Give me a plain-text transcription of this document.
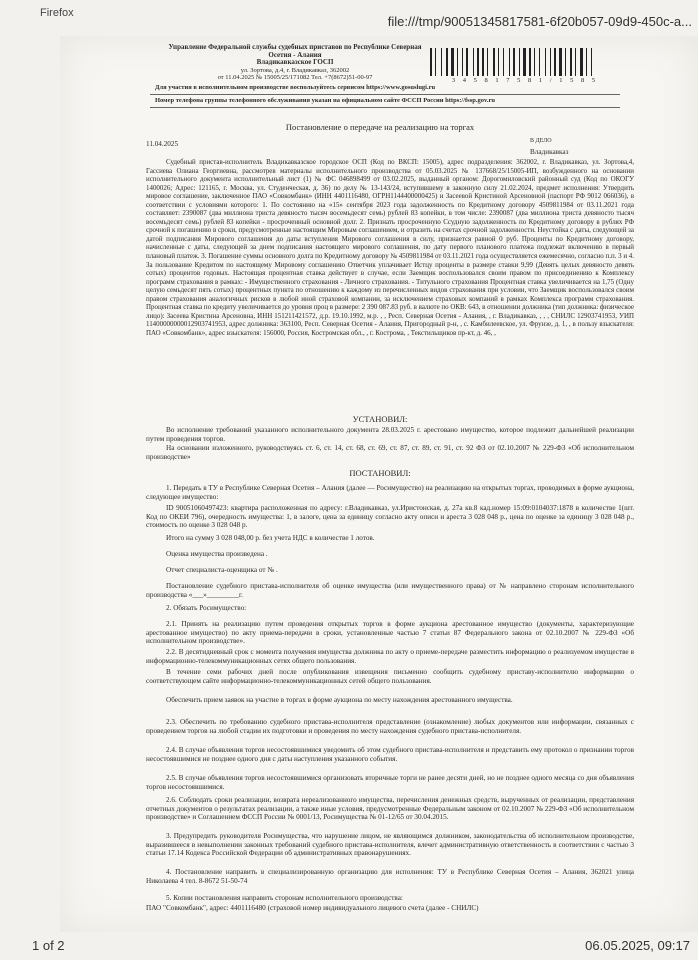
Firefox
file:///tmp/90051345817581-6f20b057-09d9-450c-a...
Управление Федеральной службы судебных приставов по Республике Северная
Осетия - Алания
Владикавказское ГОСП
ул. Зортова, д.4, г. Владикавказ, 362002
от 11.04.2025 № 15005/25/171082 Тел. +7(8672)51-00-97	3 4 5 8 1 7 5 8 1 / 1 5 8 5
Для участия в исполнительном производстве воспользуйтесь сервисом https://www.gosuslugi.ru
Номер телефона группы телефонного обслуживания указан на официальном сайте ФССП России https://fssp.gov.ru
В ДЕЛО
Постановление о передаче на реализацию на торгах
11.04.2025
Владикавказ
Судебный пристав-исполнитель Владикавказское городское ОСП (Код по ВКСП: 15005), адрес подразделения: 362002, г. Владикавказ, ул. Зортова,4, Гассиева Олиана Георгиевна, рассмотрев материалы исполнительного производства от 05.03.2025 № 137668/25/15005-ИП, возбужденного на основании исполнительного документа исполнительный лист (1) № ФС 046898499 от 03.02.2025, выданный органом: Дорогомиловский районный суд (Код по ОКОГУ 1400026; Адрес: 121165, г. Москва, ул. Студенческая, д. 36) по делу № 13-143/24, вступившему в законную силу 21.02.2024, предмет исполнения: Утвердить мировое соглашение, заключенное ПАО «Совкомбанк» (ИНН 4401116480, ОГРН1144400000425) и Засеевой Кристиной Арсеновной (паспорт РФ 9012 066036), в соответствии с условиями которого: 1. По состоянию на «15» сентября 2023 года задолженность по Кредитному договору 4509811984 от 03.11.2021 года составляет: 2390087 (два миллиона триста девяносто тысяч восемьдесят семь) рублей 83 копейки, в том числе: 2390087 (два миллиона триста девяносто тысяч восемьдесят семь) рублей 83 копейки - просроченный основной долг. 2. Признать просроченную Ссудную задолженность по Кредитному договору в рублях РФ срочной к погашению в сроки, предусмотренные настоящим Мировым соглашением, и отразить на счетах срочной задолженности. Неустойка с даты, следующей за датой подписания Мирового соглашения до даты вступления Мирового соглашения в силу, признается равной 0 руб. Проценты по Кредитному договору, начисленные с даты, следующей за днем подписания настоящего мирового соглашения, по дату первого планового платежа подлежат включению в первый плановый платеж. 3. Погашение суммы основного долга по Кредитному договору № 4509811984 от 03.11.2021 года осуществляется ежемесячно, согласно п.п. 3 и 4. За пользование Кредитом по настоящему Мировому соглашению Ответчик уплачивает Истцу проценты в размере ставки 9,99 (Девять целых девяносто девять сотых) процентов годовых. Настоящая процентная ставка действует в случае, если Заемщик воспользовался своим правом по присоединению к Комплексу программ страхования в рамках: - Имущественного страхования - Личного страхования. - Титульного страхования Процентная ставка увеличивается на 1,75 (Одну целую семьдесят пять сотых) процентных пункта по отношению к каждому из перечисленных видов страхования при условии, что Заемщик воспользовался своим правом страхования аналогичных рисков в любой иной страховой компании, за исключением страховых компаний в рамках Комплекса программ страхования. Процентная ставка по кредиту увеличивается до уровня проц в размере: 2 390 087.83 руб. в валюте по ОКВ: 643, в отношении должника (тип должника: физическое лицо): Засеева Кристина Арсеновна, ИНН 151211421572, д.р. 19.10.1992, м.р. , , Респ. Северная Осетия - Алания, , г. Владикавказ, , , , СНИЛС 12903741953, УИП 11400000000012903741953, адрес должника: 363100, Респ. Северная Осетия - Алания, Пригородный р-н, , с. Камбилеевское, ул. Фрунзе, д. 1, , в пользу взыскателя: ПАО «Совкомбанк», адрес взыскателя: 156000, Россия, Костромская обл., , г. Кострома, , Текстильщиков пр-кт, д. 46, ,
УСТАНОВИЛ:
Во исполнение требований указанного исполнительного документа 28.03.2025 г. арестовано имущество, которое подлежит дальнейшей реализации путем проведения торгов.
На основании изложенного, руководствуясь ст. 6, ст. 14, ст. 68, ст. 69, ст. 87, ст. 89, ст. 91, ст. 92 ФЗ от 02.10.2007 № 229-ФЗ «Об исполнительном производстве»
ПОСТАНОВИЛ:
1. Передать в ТУ в Республике Северная Осетия – Алания (далее — Росимущество) на реализацию на открытых торгах, проводимых в форме аукциона, следующее имущество:
ID 90051060497423: квартира расположенная по адресу: г.Владикавказ, ул.Иристонская, д. 27а кв.8 кад.номер 15:09:0104037:1878 в количестве 1(шт. Код по ОКЕИ 796), очередность имущества: 1, в залоге, цена за единицу согласно акту описи и ареста 3 028 048 р., цена по оценке за единицу 3 028 048 р., стоимость по оценке 3 028 048 р.
Итого на сумму 3 028 048,00 р. без учета НДС в количестве 1 лотов.
Оценка имущества произведена .
Отчет специалиста-оценщика от № .
Постановление судебного пристава-исполнителя об оценке имущества (или имущественного права) от № направлено сторонам исполнительного производства «___»_________г.
2. Обязать Росимущество:
2.1. Принять на реализацию путем проведения открытых торгов в форме аукциона арестованное имущество (документы, характеризующие арестованное имущество) по акту приема-передачи в сроки, установленные частью 7 статьи 87 Федерального закона от 02.10.2007 № 229-ФЗ «Об исполнительном производстве».
2.2. В десятидневный срок с момента получения имущества должника по акту о приеме-передаче разместить информацию о реализуемом имуществе в информационно-телекоммуникационных сетях общего пользования.
В течение семи рабочих дней после опубликования извещения письменно сообщить судебному приставу-исполнителю информацию о соответствующем сайте информационно-телекоммуникационных сетей общего пользования.
Обеспечить прием заявок на участие в торгах в форме аукциона по месту нахождения арестованного имущества.
2.3. Обеспечить по требованию судебного пристава-исполнителя представление (ознакомление) любых документов или информации, связанных с проведением торгов на любой стадии их подготовки и проведения по месту нахождения судебного пристава-исполнителя.
2.4. В случае объявления торгов несостоявшимися уведомить об этом судебного пристава-исполнителя и представить ему протокол о признании торгов несостоявшимися не позднее одного дня с даты наступления указанного события.
2.5. В случае объявления торгов несостоявшимися организовать вторичные торги не ранее десяти дней, но не позднее одного месяца со дня объявления торгов несостоявшимися.
2.6. Соблюдать сроки реализации, возврата нереализованного имущества, перечисления денежных средств, вырученных от реализации, представления отчетных документов о результатах реализации, а также иные условия, предусмотренные Федеральным законом от 02.10.2007 № 229-ФЗ «Об исполнительном производстве» и Соглашением ФССП России № 0001/13, Росимущества № 01-12/65 от 30.04.2015.
3. Предупредить руководителя Росимущества, что нарушение лицом, не являющимся должником, законодательства об исполнительном производстве, выразившееся в невыполнении законных требований судебного пристава-исполнителя, влечет административную ответственность в соответствии с частью 3 статьи 17.14 Кодекса Российской Федерации об административных правонарушениях.
4. Постановление направить в специализированную организацию для исполнения: ТУ в Республике Северная Осетия – Алания, 362021 улица Николаева 4 тел. 8-8672 51-50-74
5. Копии постановления направить сторонам исполнительного производства:
ПАО "Совкомбанк", адрес: 4401116480 (страховой номер индивидуального лицевого счета (далее - СНИЛС)
1 of 2	06.05.2025, 09:17
